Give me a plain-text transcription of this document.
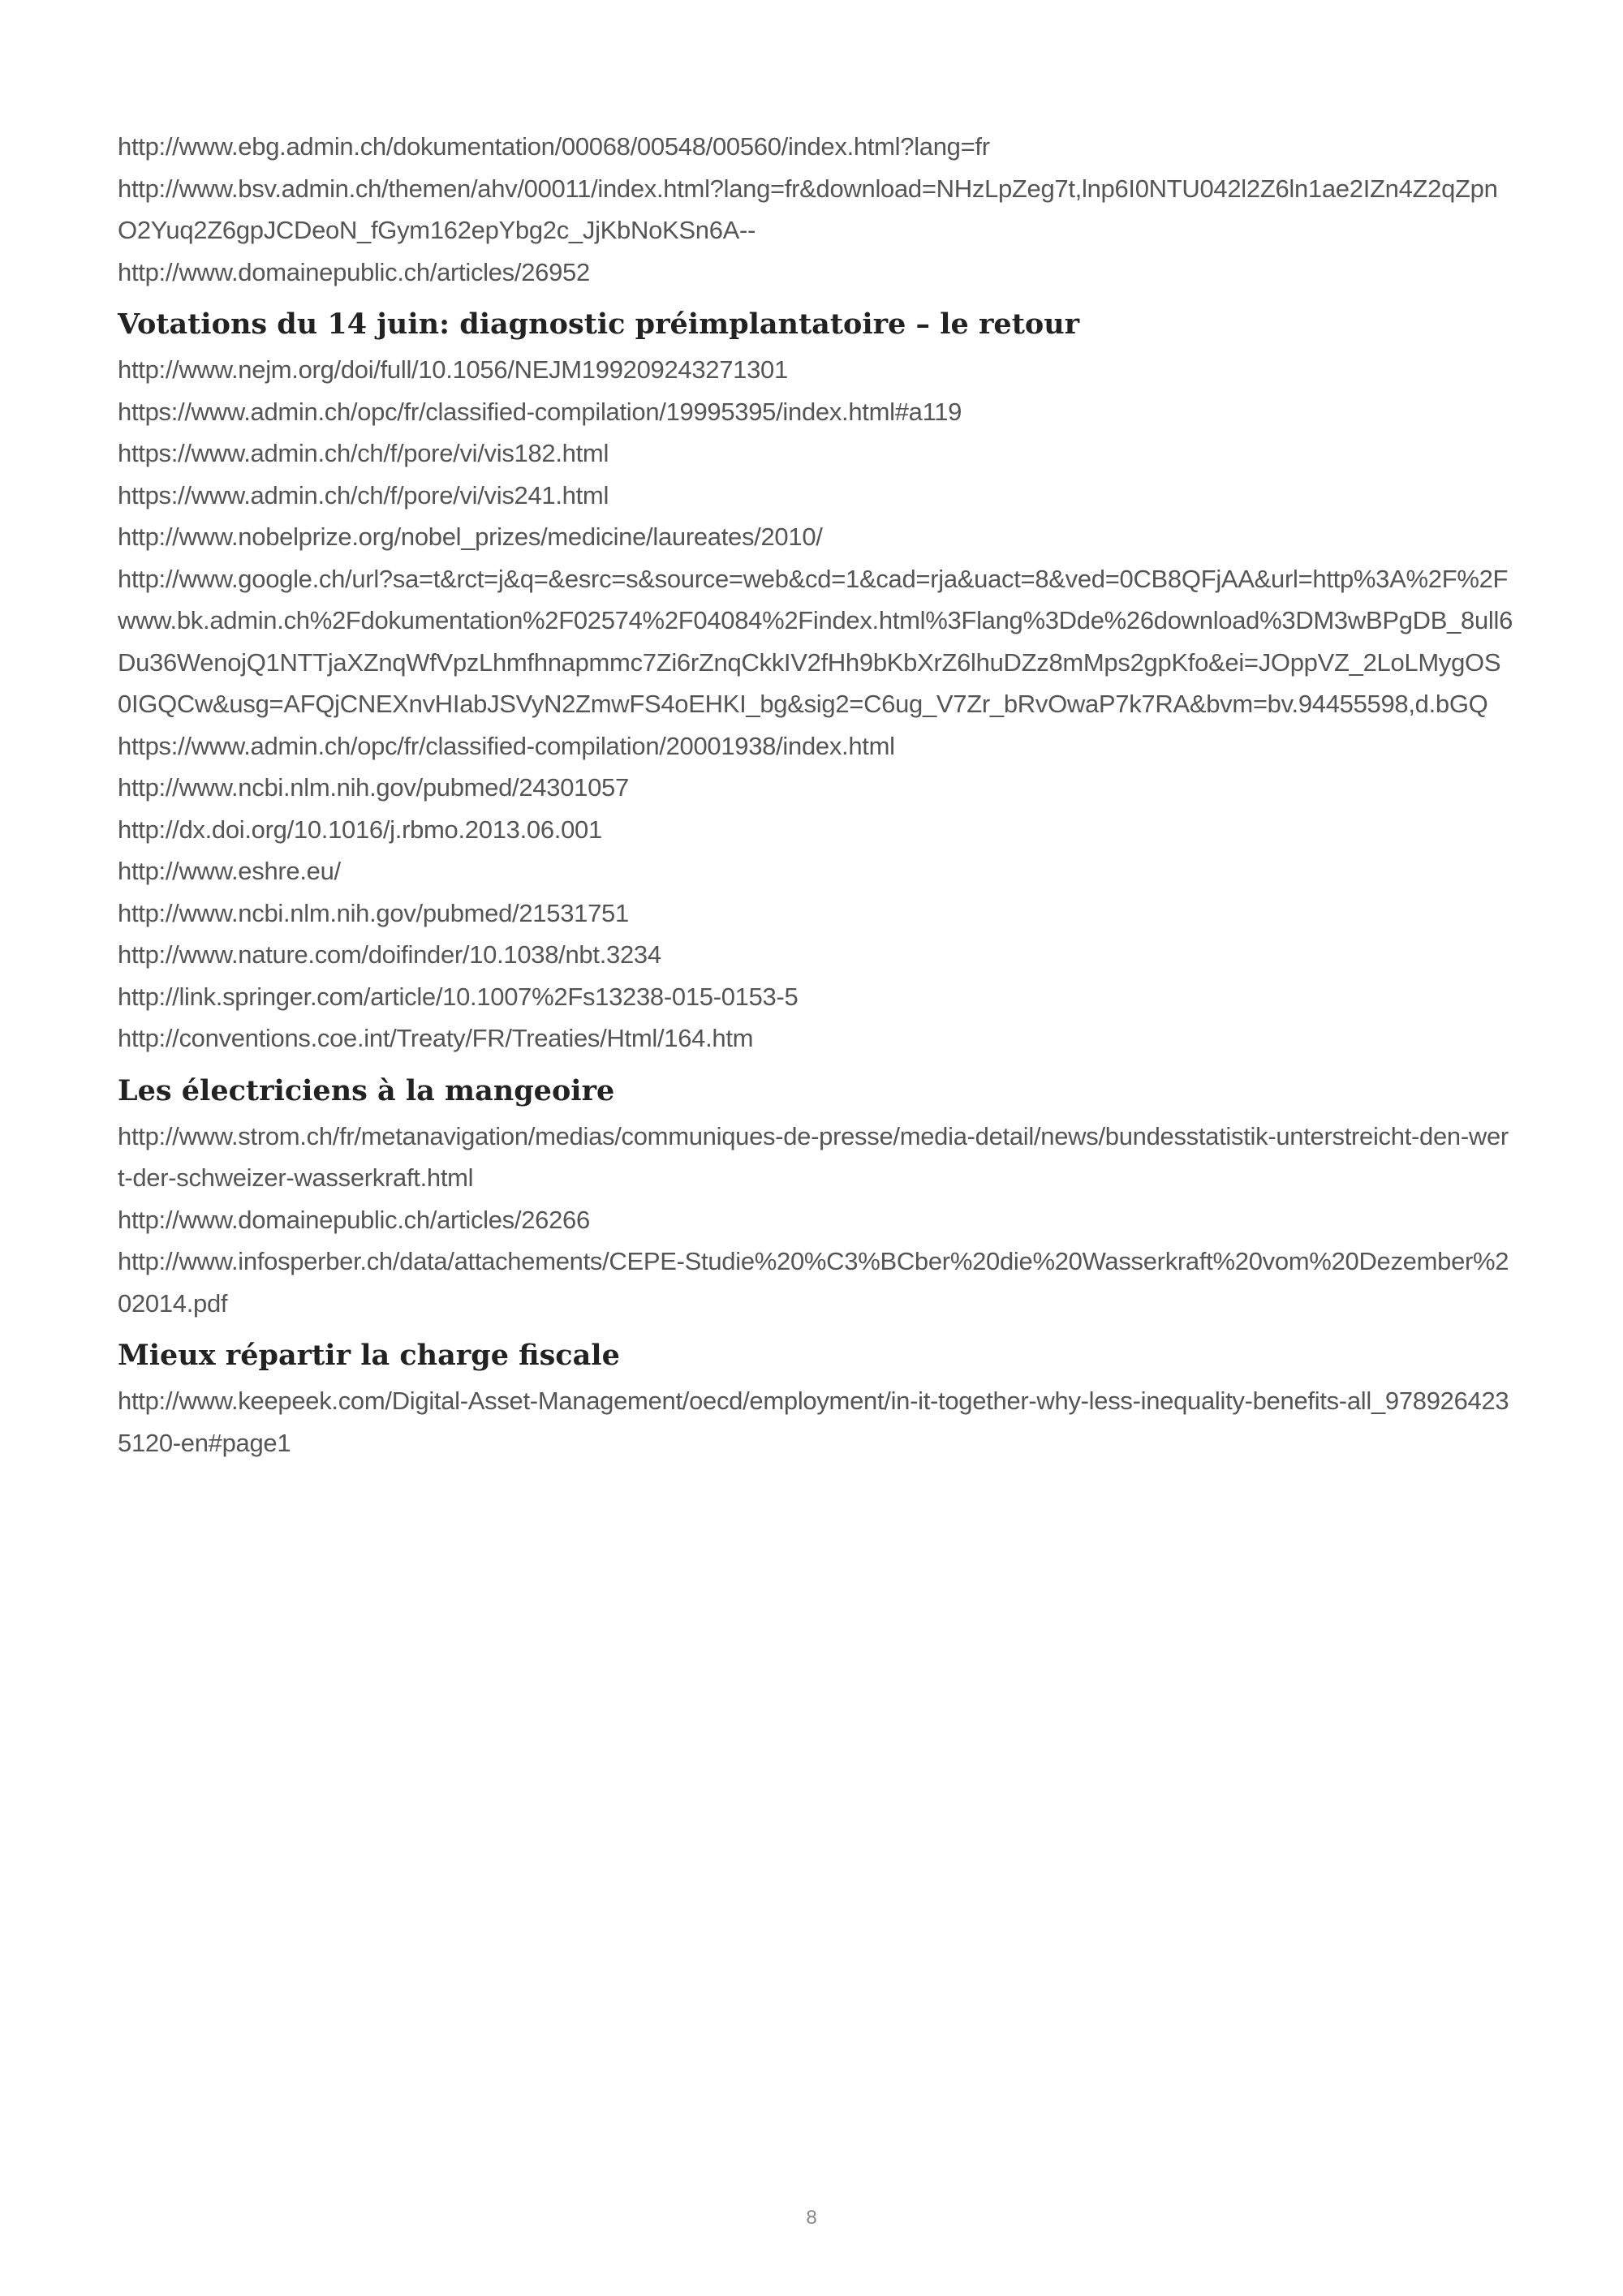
http://www.ebg.admin.ch/dokumentation/00068/00548/00560/index.html?lang=fr

http://www.bsv.admin.ch/themen/ahv/00011/index.html?lang=fr&download=NHzLpZeg7t,lnp6I0NTU042l2Z6ln1ae2IZn4Z2qZpnO2Yuq2Z6gpJCDeoN_fGym162epYbg2c_JjKbNoKSn6A--

http://www.domainepublic.ch/articles/26952

Votations du 14 juin: diagnostic préimplantatoire – le retour

http://www.nejm.org/doi/full/10.1056/NEJM199209243271301

https://www.admin.ch/opc/fr/classified-compilation/19995395/index.html#a119

https://www.admin.ch/ch/f/pore/vi/vis182.html

https://www.admin.ch/ch/f/pore/vi/vis241.html

http://www.nobelprize.org/nobel_prizes/medicine/laureates/2010/

http://www.google.ch/url?sa=t&rct=j&q=&esrc=s&source=web&cd=1&cad=rja&uact=8&ved=0CB8QFjAA&url=http%3A%2F%2Fwww.bk.admin.ch%2Fdokumentation%2F02574%2F04084%2Findex.html%3Flang%3Dde%26download%3DM3wBPgDB_8ull6Du36WenojQ1NTTjaXZnqWfVpzLhmfhnapmmc7Zi6rZnqCkkIV2fHh9bKbXrZ6lhuDZz8mMps2gpKfo&ei=JOppVZ_2LoLMygOS0IGQCw&usg=AFQjCNEXnvHIabJSVyN2ZmwFS4oEHKI_bg&sig2=C6ug_V7Zr_bRvOwaP7k7RA&bvm=bv.94455598,d.bGQ

https://www.admin.ch/opc/fr/classified-compilation/20001938/index.html

http://www.ncbi.nlm.nih.gov/pubmed/24301057

http://dx.doi.org/10.1016/j.rbmo.2013.06.001

http://www.eshre.eu/

http://www.ncbi.nlm.nih.gov/pubmed/21531751

http://www.nature.com/doifinder/10.1038/nbt.3234

http://link.springer.com/article/10.1007%2Fs13238-015-0153-5

http://conventions.coe.int/Treaty/FR/Treaties/Html/164.htm

Les électriciens à la mangeoire

http://www.strom.ch/fr/metanavigation/medias/communiques-de-presse/media-detail/news/bundesstatistik-unterstreicht-den-wert-der-schweizer-wasserkraft.html

http://www.domainepublic.ch/articles/26266

http://www.infosperber.ch/data/attachements/CEPE-Studie%20%C3%BCber%20die%20Wasserkraft%20vom%20Dezember%202014.pdf

Mieux répartir la charge fiscale

http://www.keepeek.com/Digital-Asset-Management/oecd/employment/in-it-together-why-less-inequality-benefits-all_9789264235120-en#page1

8
